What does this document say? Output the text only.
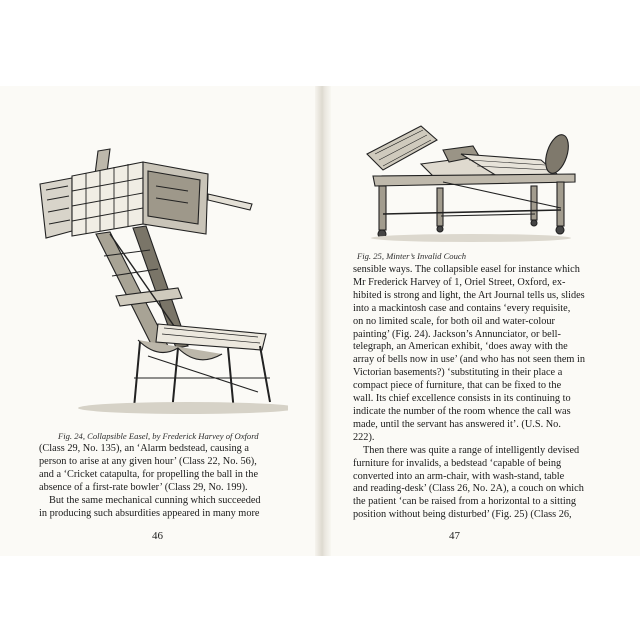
Fig. 24, Collapsible Easel, by Frederick Harvey of Oxford

(Class 29, No. 135), an ‘Alarm bedstead, causing a
person to arise at any given hour’ (Class 22, No. 56),
and a ‘Cricket catapulta, for propelling the ball in the
absence of a first-rate bowler’ (Class 29, No. 199).

But the same mechanical cunning which succeeded
in producing such absurdities appeared in many more

46
Fig. 25, Minter’s Invalid Couch

sensible ways. The collapsible easel for instance which
Mr Frederick Harvey of 1, Oriel Street, Oxford, ex-
hibited is strong and light, the Art Journal tells us, slides
into a mackintosh case and contains ‘every requisite,
on no limited scale, for both oil and water-colour
painting’ (Fig. 24). Jackson’s Annunciator, or bell-
telegraph, an American exhibit, ‘does away with the
array of bells now in use’ (and who has not seen them in
Victorian basements?) ‘substituting in their place a
compact piece of furniture, that can be fixed to the
wall. Its chief excellence consists in its continuing to
indicate the number of the room whence the call was
made, until the servant has answered it’. (U.S. No.
222).

Then there was quite a range of intelligently devised
furniture for invalids, a bedstead ‘capable of being
converted into an arm-chair, with wash-stand, table
and reading-desk’ (Class 26, No. 2A), a couch on which
the patient ‘can be raised from a horizontal to a sitting
position without being disturbed’ (Fig. 25) (Class 26,

47
